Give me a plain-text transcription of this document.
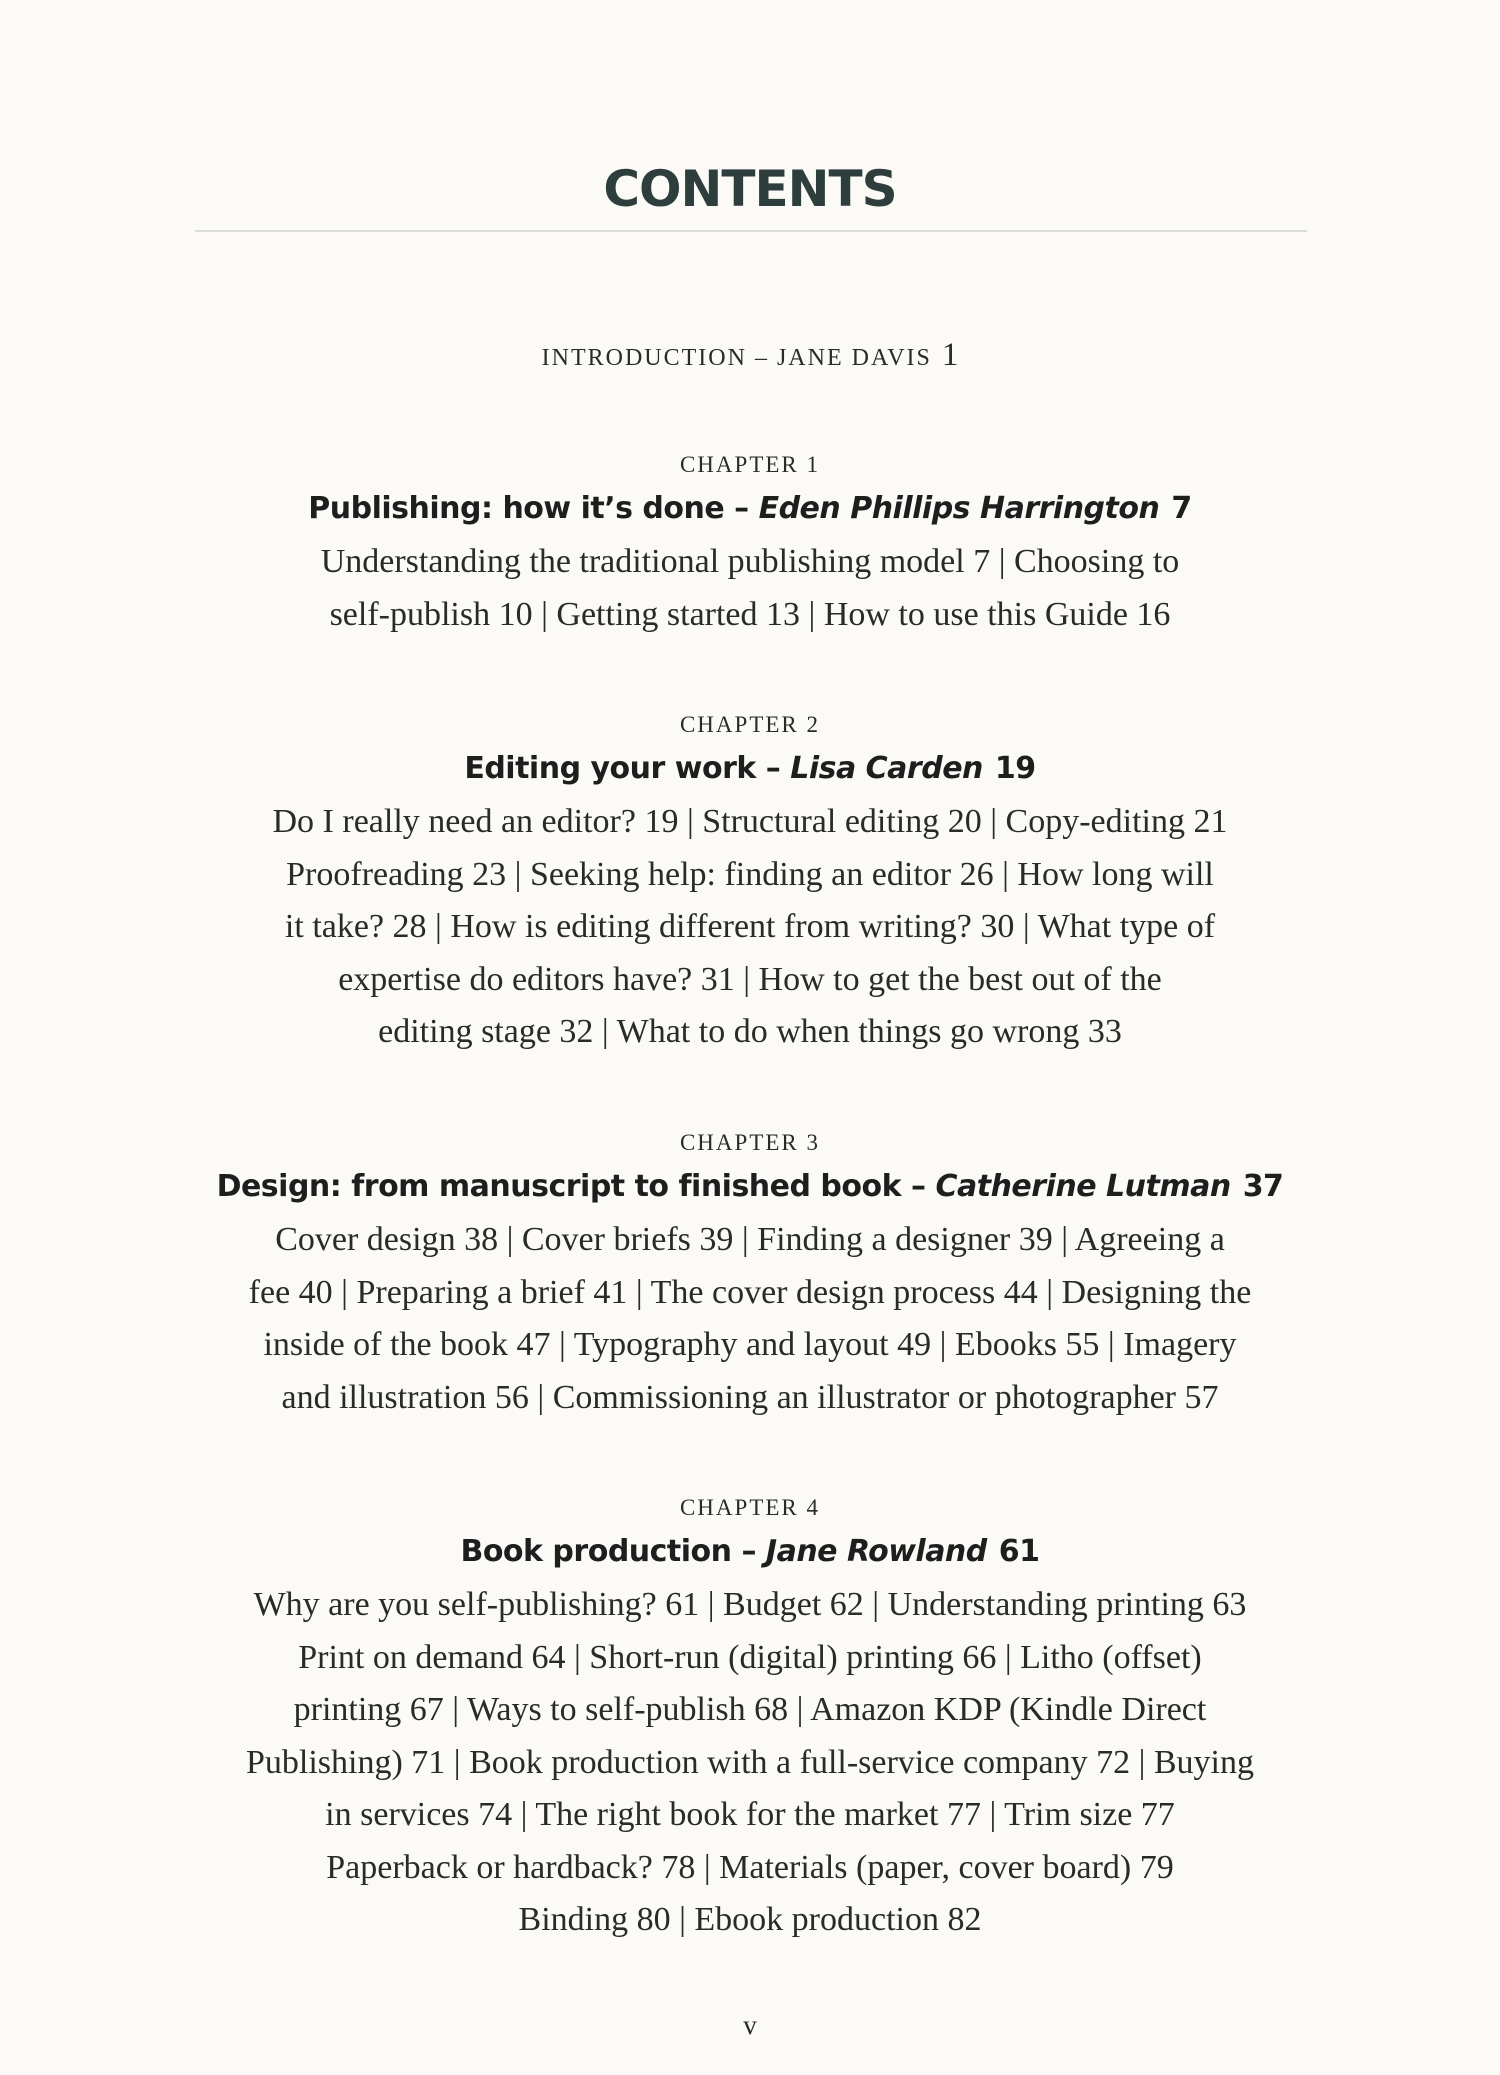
CONTENTS
INTRODUCTION – JANE DAVIS 1
CHAPTER 1
Publishing: how it’s done – Eden Phillips Harrington 7
Understanding the traditional publishing model 7 | Choosing to
self-publish 10 | Getting started 13 | How to use this Guide 16
CHAPTER 2
Editing your work – Lisa Carden 19
Do I really need an editor? 19 | Structural editing 20 | Copy-editing 21
Proofreading 23 | Seeking help: finding an editor 26 | How long will
it take? 28 | How is editing different from writing? 30 | What type of
expertise do editors have? 31 | How to get the best out of the
editing stage 32 | What to do when things go wrong 33
CHAPTER 3
Design: from manuscript to finished book – Catherine Lutman 37
Cover design 38 | Cover briefs 39 | Finding a designer 39 | Agreeing a
fee 40 | Preparing a brief 41 | The cover design process 44 | Designing the
inside of the book 47 | Typography and layout 49 | Ebooks 55 | Imagery
and illustration 56 | Commissioning an illustrator or photographer 57
CHAPTER 4
Book production – Jane Rowland 61
Why are you self-publishing? 61 | Budget 62 | Understanding printing 63
Print on demand 64 | Short-run (digital) printing 66 | Litho (offset)
printing 67 | Ways to self-publish 68 | Amazon KDP (Kindle Direct
Publishing) 71 | Book production with a full-service company 72 | Buying
in services 74 | The right book for the market 77 | Trim size 77
Paperback or hardback? 78 | Materials (paper, cover board) 79
Binding 80 | Ebook production 82
v
